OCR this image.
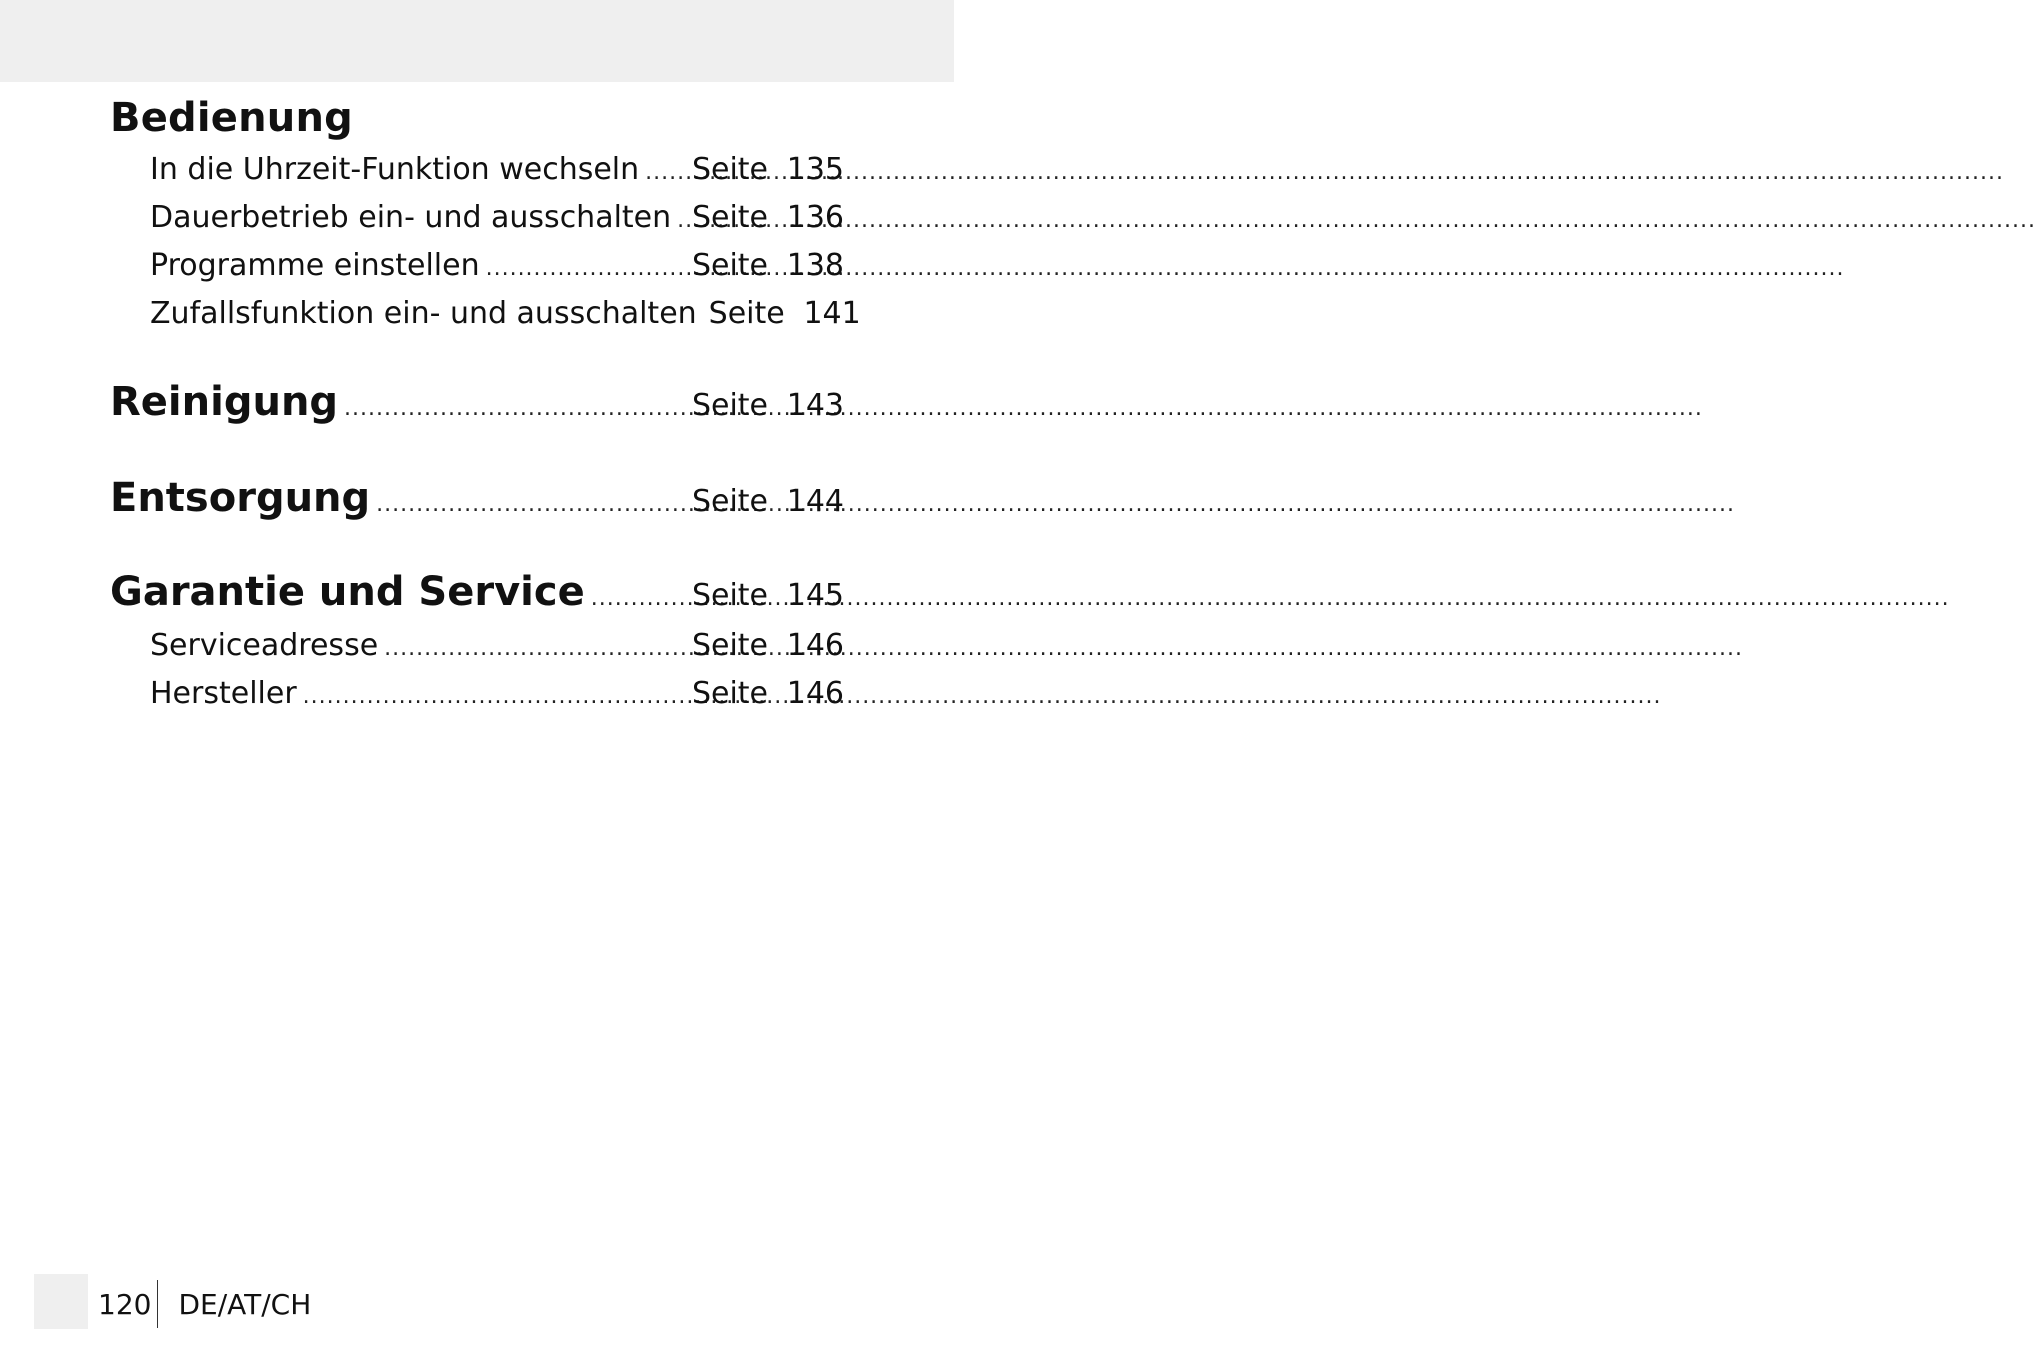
Bedienung
In die Uhrzeit-Funktion wechseln ..... Seite 135
Dauerbetrieb ein- und ausschalten ..... Seite 136
Programme einstellen .....	Seite 138
Zufallsfunktion ein- und ausschalten Seite 141
Reinigung .....	Seite 143
Entsorgung .....	Seite 144
Garantie und Service .....	Seite 145
Serviceadresse .....	Seite 146
Hersteller .....	Seite 146
120 DE/AT/CH
